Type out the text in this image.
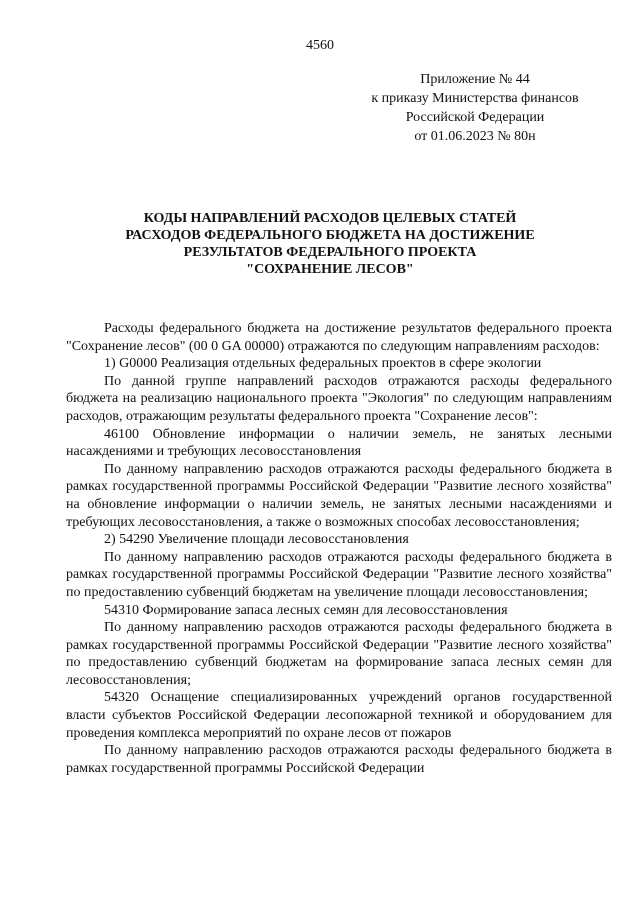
4560
Приложение № 44
к приказу Министерства финансов
Российской Федерации
от 01.06.2023 № 80н
КОДЫ НАПРАВЛЕНИЙ РАСХОДОВ ЦЕЛЕВЫХ СТАТЕЙ
РАСХОДОВ ФЕДЕРАЛЬНОГО БЮДЖЕТА НА ДОСТИЖЕНИЕ
РЕЗУЛЬТАТОВ ФЕДЕРАЛЬНОГО ПРОЕКТА
"СОХРАНЕНИЕ ЛЕСОВ"

Расходы федерального бюджета на достижение результатов федерального проекта "Сохранение лесов" (00 0 GA 00000) отражаются по следующим направлениям расходов:

1) G0000 Реализация отдельных федеральных проектов в сфере экологии

По данной группе направлений расходов отражаются расходы федерального бюджета на реализацию национального проекта "Экология" по следующим направлениям расходов, отражающим результаты федерального проекта "Сохранение лесов":

46100 Обновление информации о наличии земель, не занятых лесными насаждениями и требующих лесовосстановления

По данному направлению расходов отражаются расходы федерального бюджета в рамках государственной программы Российской Федерации "Развитие лесного хозяйства" на обновление информации о наличии земель, не занятых лесными насаждениями и требующих лесовосстановления, а также о возможных способах лесовосстановления;

2) 54290 Увеличение площади лесовосстановления

По данному направлению расходов отражаются расходы федерального бюджета в рамках государственной программы Российской Федерации "Развитие лесного хозяйства" по предоставлению субвенций бюджетам на увеличение площади лесовосстановления;

54310 Формирование запаса лесных семян для лесовосстановления

По данному направлению расходов отражаются расходы федерального бюджета в рамках государственной программы Российской Федерации "Развитие лесного хозяйства" по предоставлению субвенций бюджетам на формирование запаса лесных семян для лесовосстановления;

54320 Оснащение специализированных учреждений органов государственной власти субъектов Российской Федерации лесопожарной техникой и оборудованием для проведения комплекса мероприятий по охране лесов от пожаров

По данному направлению расходов отражаются расходы федерального бюджета в рамках государственной программы Российской Федерации
